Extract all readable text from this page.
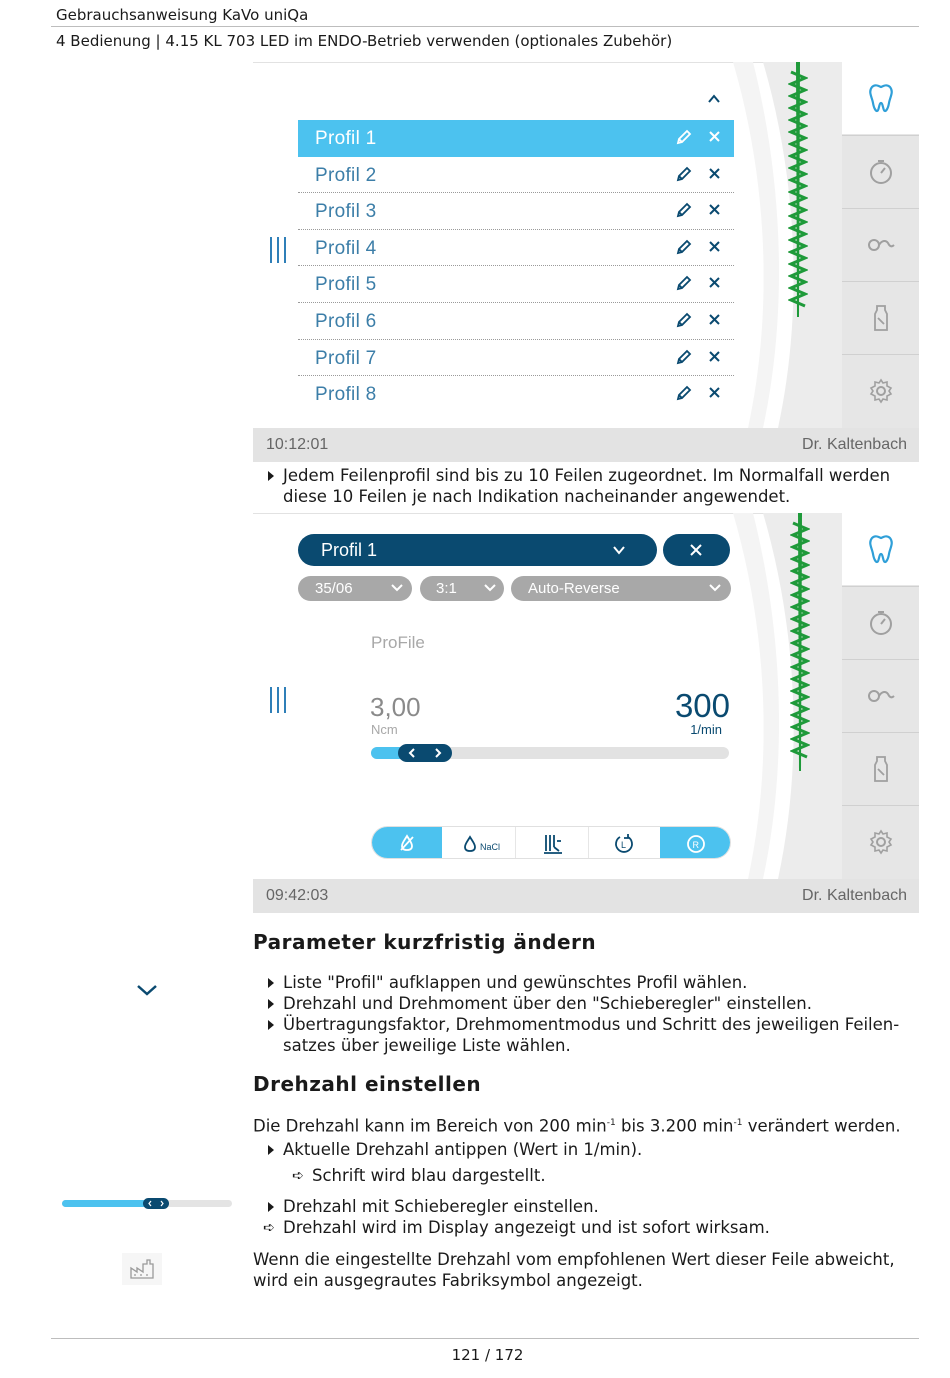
Gebrauchsanweisung KaVo uniQa
4 Bedienung | 4.15 KL 703 LED im ENDO-Betrieb verwenden (optionales Zubehör)
Profil 1
Profil 2
Profil 3
Profil 4
Profil 5
Profil 6
Profil 7
Profil 8
10:12:01	Dr. Kaltenbach
Jedem Feilenprofil sind bis zu 10 Feilen zugeordnet. Im Normalfall werden
diese 10 Feilen je nach Indikation nacheinander angewendet.
Profil 1
35/06	3:1	Auto-Reverse
ProFile
3,00
Ncm
300
1/min
NaCl	L	R
09:42:03	Dr. Kaltenbach
Parameter kurzfristig ändern
Liste "Profil" aufklappen und gewünschtes Profil wählen.
Drehzahl und Drehmoment über den "Schieberegler" einstellen.
Übertragungsfaktor, Drehmomentmodus und Schritt des jeweiligen Feilen-
satzes über jeweilige Liste wählen.
Drehzahl einstellen
Die Drehzahl kann im Bereich von 200 $\min^{-1}$ bis 3.200 $\min^{-1}$ verändert werden.
Aktuelle Drehzahl antippen (Wert in 1/min).
➪ Schrift wird blau dargestellt.
Drehzahl mit Schieberegler einstellen.
➪ Drehzahl wird im Display angezeigt und ist sofort wirksam.
Wenn die eingestellte Drehzahl vom empfohlenen Wert dieser Feile abweicht,
wird ein ausgegrautes Fabriksymbol angezeigt.
121 / 172
